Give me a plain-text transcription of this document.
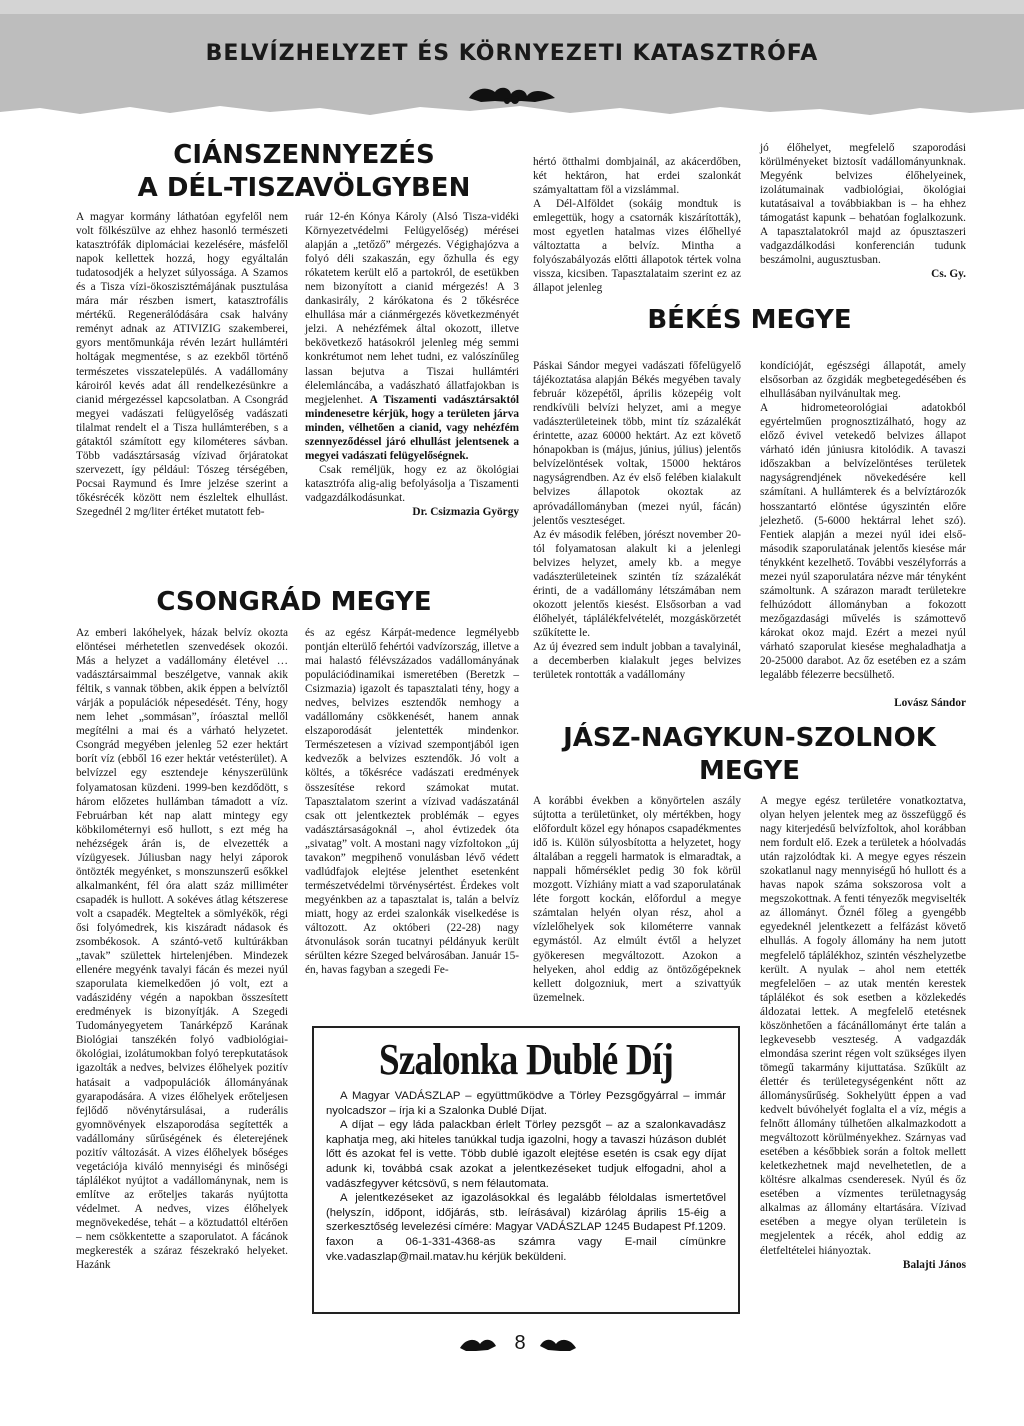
BELVÍZHELYZET ÉS KÖRNYEZETI KATASZTRÓFA
CIÁNSZENNYEZÉS
A DÉL-TISZAVÖLGYBEN

A magyar kormány láthatóan egyfelől nem volt fölkészülve az ehhez hasonló természeti katasztrófák diplomáciai kezelésére, másfelől napok kellettek hozzá, hogy egyáltalán tudatosodjék a helyzet súlyossága. A Szamos és a Tisza vízi-ökoszisztémájának pusztulása mára már részben ismert, katasztrofális mértékű. Regenerálódására csak halvány reményt adnak az ATIVIZIG szakemberei, gyors mentőmunkája révén lezárt hullámtéri holtágak megmentése, s az ezekből történő természetes visszatelepülés. A vadállomány károiról kevés adat áll rendelkezésünkre a cianid mérgezéssel kapcsolatban. A Csongrád megyei vadászati felügyelőség vadászati tilalmat rendelt el a Tisza hullámterében, s a gátaktól számított egy kilométeres sávban. Több vadásztársaság vízivad őrjáratokat szervezett, így például: Tószeg térségében, Pocsai Raymund és Imre jelzése szerint a tőkésrécék között nem észleltek elhullást. Szegednél 2 mg/liter értéket mutatott feb-

ruár 12-én Kónya Károly (Alsó Tisza-vidéki Környezetvédelmi Felügyelőség) mérései alapján a „tetőző” mérgezés. Végighajózva a folyó déli szakaszán, egy őzhulla és egy rókatetem került elő a partokról, de esetükben nem bizonyított a cianid mérgezés! A 3 dankasirály, 2 kárókatona és 2 tőkésréce elhullása már a ciánmérgezés következményét jelzi. A nehézfémek által okozott, illetve bekövetkező hatásokról jelenleg még semmi konkrétumot nem lehet tudni, ez valószínűleg lassan bejutva a Tiszai hullámtéri élelemláncába, a vadászható állatfajokban is megjelenhet. A Tiszamenti vadásztársaktól mindenesetre kérjük, hogy a területen járva minden, vélhetően a cianid, vagy nehézfém szennyeződéssel járó elhullást jelentsenek a megyei vadászati felügyelőségnek.

Csak reméljük, hogy ez az ökológiai katasztrófa alig-alig befolyásolja a Tiszamenti vadgazdálkodásunkat.

Dr. Csizmazia György
CSONGRÁD MEGYE

Az emberi lakóhelyek, házak belvíz okozta elöntései mérhetetlen szenvedések okozói. Más a helyzet a vadállomány életével … vadásztársaimmal beszélgetve, vannak akik féltik, s vannak többen, akik éppen a belvíztől várják a populációk népesedését. Tény, hogy nem lehet „sommásan”, íróasztal mellől megítélni a mai és a várható helyzetet. Csongrád megyében jelenleg 52 ezer hektárt borít víz (ebből 16 ezer hektár vetésterület). A belvízzel egy esztendeje kényszerülünk folyamatosan küzdeni. 1999-ben kezdődött, s három előzetes hullámban támadott a víz. Februárban két nap alatt mintegy egy köbkilométernyi eső hullott, s ezt még ha nehézségek árán is, de elvezették a vízügyesek. Júliusban nagy helyi záporok öntözték megyénket, s monszunszerű esőkkel alkalmanként, fél óra alatt száz milliméter csapadék is hullott. A sokéves átlag kétszerese volt a csapadék. Megteltek a sömlyékök, régi ősi folyómedrek, kis kiszáradt nádasok és zsombékosok. A szántó-vető kultúrákban „tavak” születtek hirtelenjében. Mindezek ellenére megyénk tavalyi fácán és mezei nyúl szaporulata kiemelkedően jó volt, ezt a vadászidény végén a napokban összesített eredmények is bizonyítják. A Szegedi Tudományegyetem Tanárképző Karának Biológiai tanszékén folyó vadbiológiai-ökológiai, izolátumokban folyó terepkutatások igazolták a nedves, belvizes élőhelyek pozitív hatásait a vadpopulációk állományának gyarapodására. A vizes élőhelyek erőteljesen fejlődő növénytársulásai, a ruderális gyomnövények elszaporodása segítették a vadállomány sűrűségének és életerejének pozitív változását. A vizes élőhelyek bőséges vegetációja kiváló mennyiségi és minőségi táplálékot nyújtot a vadállománynak, nem is említve az erőteljes takarás nyújtotta védelmet. A nedves, vizes élőhelyek megnövekedése, tehát – a köztudattól eltérően – nem csökkentette a szaporulatot. A fácánok megkeresték a száraz fészekrakó helyeket. Hazánk

és az egész Kárpát-medence legmélyebb pontján elterülő fehértói vadvízország, illetve a mai halastó félévszázados vadállományának populációdinamikai ismeretében (Beretzk – Csizmazia) igazolt és tapasztalati tény, hogy a nedves, belvizes esztendők nemhogy a vadállomány csökkenését, hanem annak elszaporodását jelentették mindenkor. Természetesen a vízivad szempontjából igen kedvezők a belvizes esztendők. Jó volt a költés, a tőkésréce vadászati eredmények összesítése rekord számokat mutat. Tapasztalatom szerint a vízivad vadászatánál csak ott jelentkeztek problémák – egyes vadásztársaságoknál –, ahol évtizedek óta „sivatag” volt. A mostani nagy vízfoltokon „új tavakon” megpihenő vonulásban lévő védett vadlúdfajok elejtése jelenthet esetenként természetvédelmi törvénysértést. Érdekes volt megyénkben az a tapasztalat is, talán a belvíz miatt, hogy az erdei szalonkák viselkedése is változott. Az októberi (22-28) nagy átvonulások során tucatnyi példányuk került sérülten kézre Szeged belvárosában. Január 15-én, havas fagyban a szegedi Fe-

hértó ötthalmi dombjainál, az akácerdőben, két hektáron, hat erdei szalonkát számyaltattam föl a vizslámmal.
A Dél-Alföldet (sokáig mondtuk is emlegettük, hogy a csatornák kiszárították), most egyetlen hatalmas vizes élőhellyé változtatta a belvíz. Mintha a folyószabályozás előtti állapotok tértek volna vissza, kicsiben. Tapasztalataim szerint ez az állapot jelenleg

jó élőhelyet, megfelelő szaporodási körülményeket biztosít vadállományunknak. Megyénk belvizes élőhelyeinek, izolátumainak vadbiológiai, ökológiai kutatásaival a továbbiakban is – ha ehhez támogatást kapunk – behatóan foglalkozunk. A tapasztalatokról majd az ópusztaszeri vadgazdálkodási konferencián tudunk beszámolni, augusztusban.

Cs. Gy.
BÉKÉS MEGYE

Páskai Sándor megyei vadászati főfelügyelő tájékoztatása alapján Békés megyében tavaly február közepétől, április közepéig volt rendkívüli belvízi helyzet, ami a megye vadászterületeinek több, mint tíz százalékát érintette, azaz 60000 hektárt. Az ezt követő hónapokban is (május, június, július) jelentős belvízelöntések voltak, 15000 hektáros nagyságrendben. Az év első felében kialakult belvizes állapotok okoztak az apróvadállományban (mezei nyúl, fácán) jelentős veszteséget.
Az év második felében, jórészt november 20-tól folyamatosan alakult ki a jelenlegi belvizes helyzet, amely kb. a megye vadászterületeinek szintén tíz százalékát érinti, de a vadállomány létszámában nem okozott jelentős kiesést. Elsősorban a vad élőhelyét, táplálékfelvételét, mozgáskörzetét szűkítette le.
Az új évezred sem indult jobban a tavalyinál, a decemberben kialakult jeges belvizes területek rontották a vadállomány

kondícióját, egészségi állapotát, amely elsősorban az őzgidák megbetegedésében és elhullásában nyilvánultak meg.
A hidrometeorológiai adatokból egyértelműen prognosztizálható, hogy az előző évivel vetekedő belvizes állapot várható idén júniusra kitolódik. A tavaszi időszakban a belvízelöntéses területek nagyságrendjének növekedésére kell számítani. A hullámterek és a belvíztározók hosszantartó elöntése úgyszintén előre jelezhető. (5-6000 hektárral lehet szó). Fentiek alapján a mezei nyúl idei első-második szaporulatának jelentős kiesése már ténykként kezelhető. További veszélyforrás a mezei nyúl szaporulatára nézve már tényként számoltunk. A szárazon maradt területekre felhúzódott állományban a fokozott mezőgazdasági művelés is számottevő károkat okoz majd. Ezért a mezei nyúl várható szaporulat kiesése meghaladhatja a 20-25000 darabot. Az őz esetében ez a szám legalább félezerre becsülhető.

Lovász Sándor

JÁSZ-NAGYKUN-SZOLNOK
MEGYE

A korábbi években a könyörtelen aszály sújtotta a területünket, oly mértékben, hogy előfordult közel egy hónapos csapadékmentes idő is. Külön súlyosbította a helyzetet, hogy általában a reggeli harmatok is elmaradtak, a nappali hőmérséklet pedig 30 fok körül mozgott. Vízhiány miatt a vad szaporulatának léte forgott kockán, előfordul a megye számtalan helyén olyan rész, ahol a vízlelőhelyek sok kilométerre vannak egymástól. Az elmúlt évtől a helyzet gyökeresen megváltozott. Azokon a helyeken, ahol eddig az öntözőgépeknek kellett dolgozniuk, mert a szivattyúk üzemelnek.

A megye egész területére vonatkoztatva, olyan helyen jelentek meg az összefüggő és nagy kiterjedésű belvízfoltok, ahol korábban nem fordult elő. Ezek a területek a hóolvadás után rajzolódtak ki. A megye egyes részein szokatlanul nagy mennyiségű hó hullott és a havas napok száma sokszorosa volt a megszokottnak. A fenti tényezők megviselték az állományt. Őznél főleg a gyengébb egyedeknél jelentkezett a felfázást követő elhullás. A fogoly állomány ha nem jutott megfelelő táplálékhoz, szintén vészhelyzetbe került. A nyulak – ahol nem etették megfelelően – az utak mentén kerestek táplálékot és sok esetben a közlekedés áldozatai lettek. A megfelelő etetésnek köszönhetően a fácánállományt érte talán a legkevesebb veszteség. A vadgazdák elmondása szerint régen volt szükséges ilyen tömegű takarmány kijuttatása. Szűkült az élettér és területegységenként nőtt az állománysűrűség. Sokhelyütt éppen a vad kedvelt búvóhelyét foglalta el a víz, mégis a felnőtt állomány túlhetően alkalmazkodott a megváltozott körülményekhez. Szárnyas vad esetében a későbbiek során a foltok mellett keletkezhetnek majd nevelhetetlen, de a költésre alkalmas csenderesek. Nyúl és őz esetében a vízmentes területnagyság alkalmas az állomány eltartására. Vízivad esetében a megye olyan területein is megjelentek a récék, ahol eddig az életfeltételei hiányoztak.

Balajti János
Szalonka Dublé Díj

A Magyar VADÁSZLAP – együttműködve a Törley Pezsgőgyárral – immár nyolcadszor – írja ki a Szalonka Dublé Díjat.

A díjat – egy láda palackban érlelt Törley pezsgőt – az a szalonkavadász kaphatja meg, aki hiteles tanúkkal tudja igazolni, hogy a tavaszi húzáson dublét lőtt és azokat fel is vette. Több dublé igazolt elejtése esetén is csak egy díjat adunk ki, továbbá csak azokat a jelentkezéseket tudjuk elfogadni, ahol a vadászfegyver kétcsövű, s nem félautomata.

A jelentkezéseket az igazolásokkal és legalább féloldalas ismertetővel (helyszín, időpont, időjárás, stb. leírásával) kizárólag április 15-éig a szerkesztőség levelezési címére: Magyar VADÁSZLAP 1245 Budapest Pf.1209. faxon a 06-1-331-4368-as számra vagy E-mail címünkre vke.vadaszlap@mail.matav.hu kérjük beküldeni.

8
